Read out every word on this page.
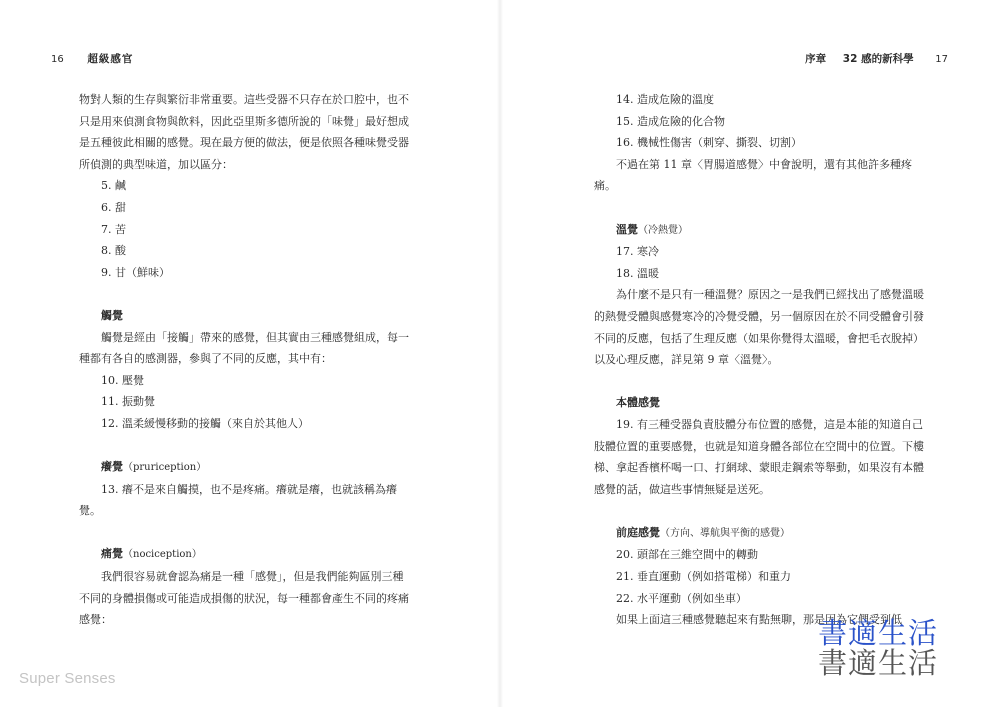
16 超級感官

物對人類的生存與繁衍非常重要。這些受器不只存在於口腔中，也不只是用來偵測食物與飲料，因此亞里斯多德所說的「味覺」最好想成是五種彼此相關的感覺。現在最方便的做法，便是依照各種味覺受器所偵測的典型味道，加以區分：

5. 鹹

6. 甜

7. 苦

8. 酸

9. 甘（鮮味）

觸覺

觸覺是經由「接觸」帶來的感覺，但其實由三種感覺組成，每一種都有各自的感測器，參與了不同的反應，其中有：

10. 壓覺

11. 振動覺

12. 溫柔緩慢移動的接觸（來自於其他人）

癢覺（pruriception）

13. 癢不是來自觸摸，也不是疼痛。癢就是癢，也就該稱為癢覺。

痛覺（nociception）

我們很容易就會認為痛是一種「感覺」，但是我們能夠區別三種不同的身體損傷或可能造成損傷的狀況，每一種都會產生不同的疼痛感覺：

Super Senses
序章 32 感的新科學 17

14. 造成危險的溫度

15. 造成危險的化合物

16. 機械性傷害（刺穿、撕裂、切割）

不過在第 11 章〈胃腸道感覺〉中會說明，還有其他許多種疼痛。

溫覺（冷熱覺）

17. 寒冷

18. 溫暖

為什麼不是只有一種溫覺？原因之一是我們已經找出了感覺溫暖的熱覺受體與感覺寒冷的冷覺受體，另一個原因在於不同受體會引發不同的反應，包括了生理反應（如果你覺得太溫暖，會把毛衣脫掉）以及心理反應，詳見第 9 章〈溫覺〉。

本體感覺

19. 有三種受器負責肢體分布位置的感覺，這是本能的知道自己肢體位置的重要感覺，也就是知道身體各部位在空間中的位置。下樓梯、拿起香檳杯喝一口、打網球、蒙眼走鋼索等舉動，如果沒有本體感覺的話，做這些事情無疑是送死。

前庭感覺（方向、導航與平衡的感覺）

20. 頭部在三維空間中的轉動

21. 垂直運動（例如搭電梯）和重力

22. 水平運動（例如坐車）

如果上面這三種感覺聽起來有點無聊，那是因為它們受到低

書適生活
書適生活
